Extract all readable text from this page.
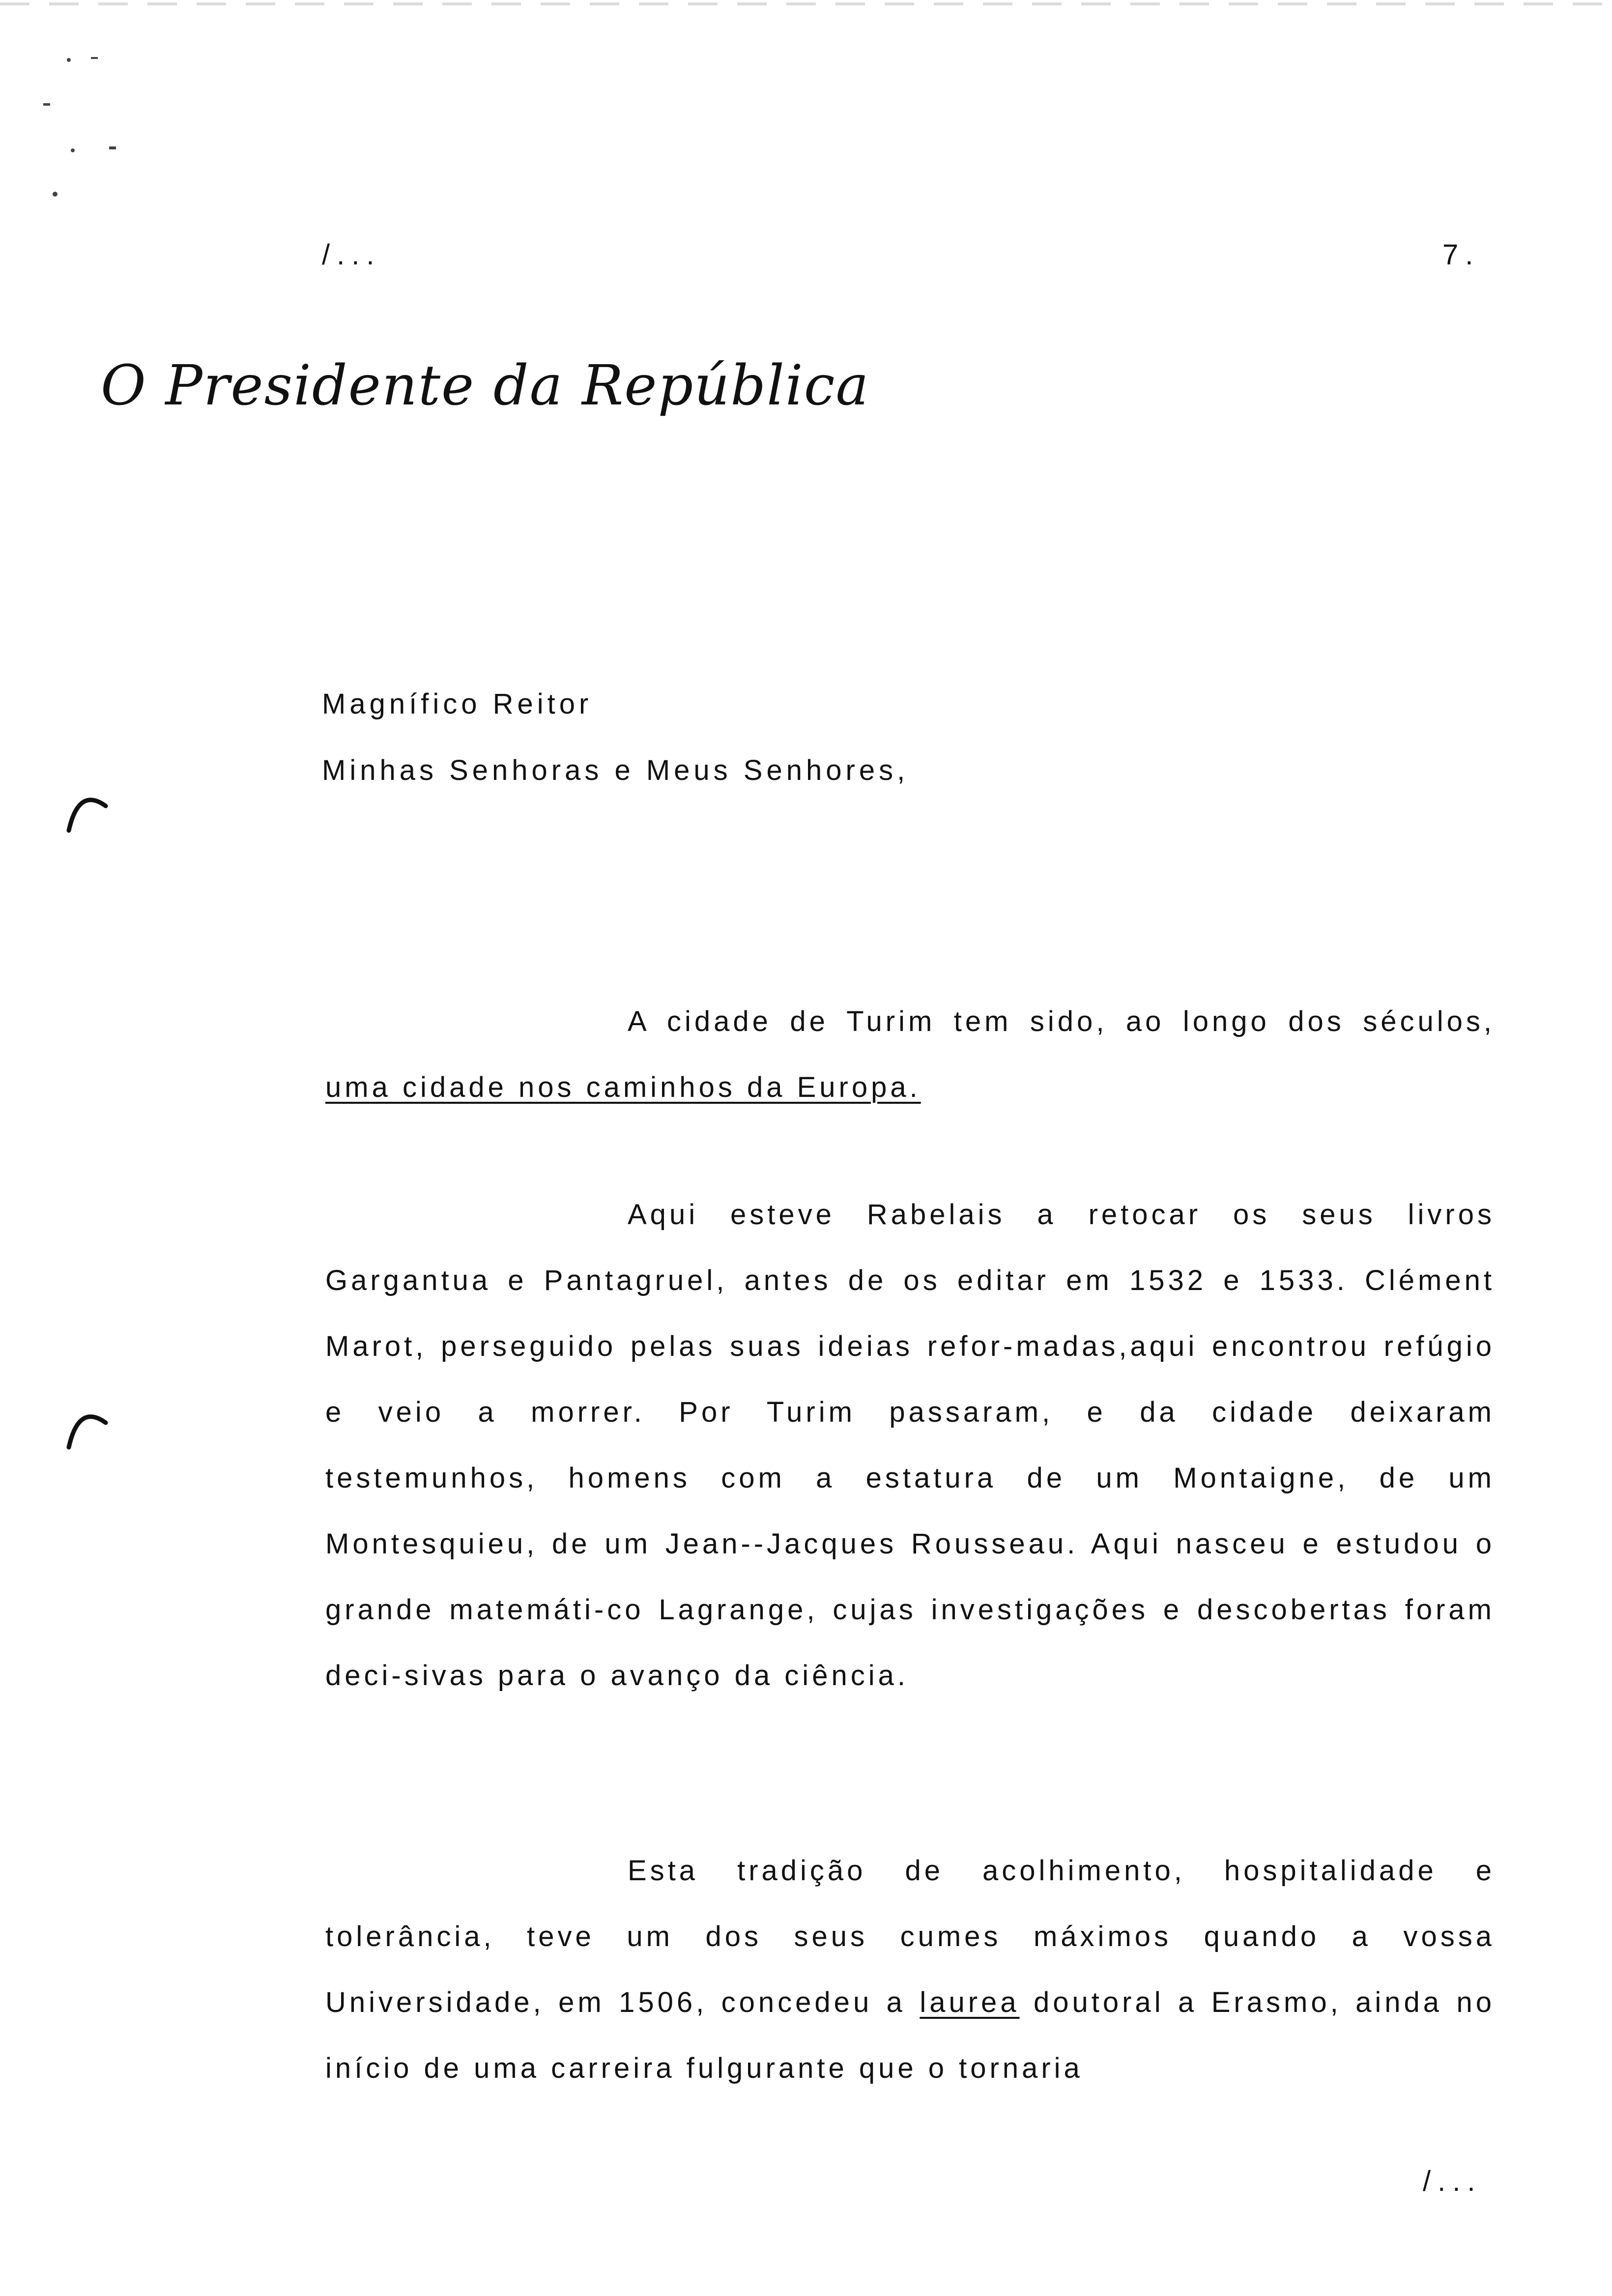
/...	7.
O Presidente da República
Magnífico Reitor
Minhas Senhoras e Meus Senhores,

A cidade de Turim tem sido, ao longo dos séculos, uma cidade nos caminhos da Europa.

Aqui esteve Rabelais a retocar os seus livros Gargantua e Pantagruel, antes de os editar em 1532 e 1533. Clément Marot, perseguido pelas suas ideias refor-madas,aqui encontrou refúgio e veio a morrer. Por Turim passaram, e da cidade deixaram testemunhos, homens com a estatura de um Montaigne, de um Montesquieu, de um Jean--Jacques Rousseau. Aqui nasceu e estudou o grande matemáti-co Lagrange, cujas investigações e descobertas foram deci-sivas para o avanço da ciência.

Esta tradição de acolhimento, hospitalidade e tolerância, teve um dos seus cumes máximos quando a vossa Universidade, em 1506, concedeu a laurea doutoral a Erasmo, ainda no início de uma carreira fulgurante que o tornaria

/...
